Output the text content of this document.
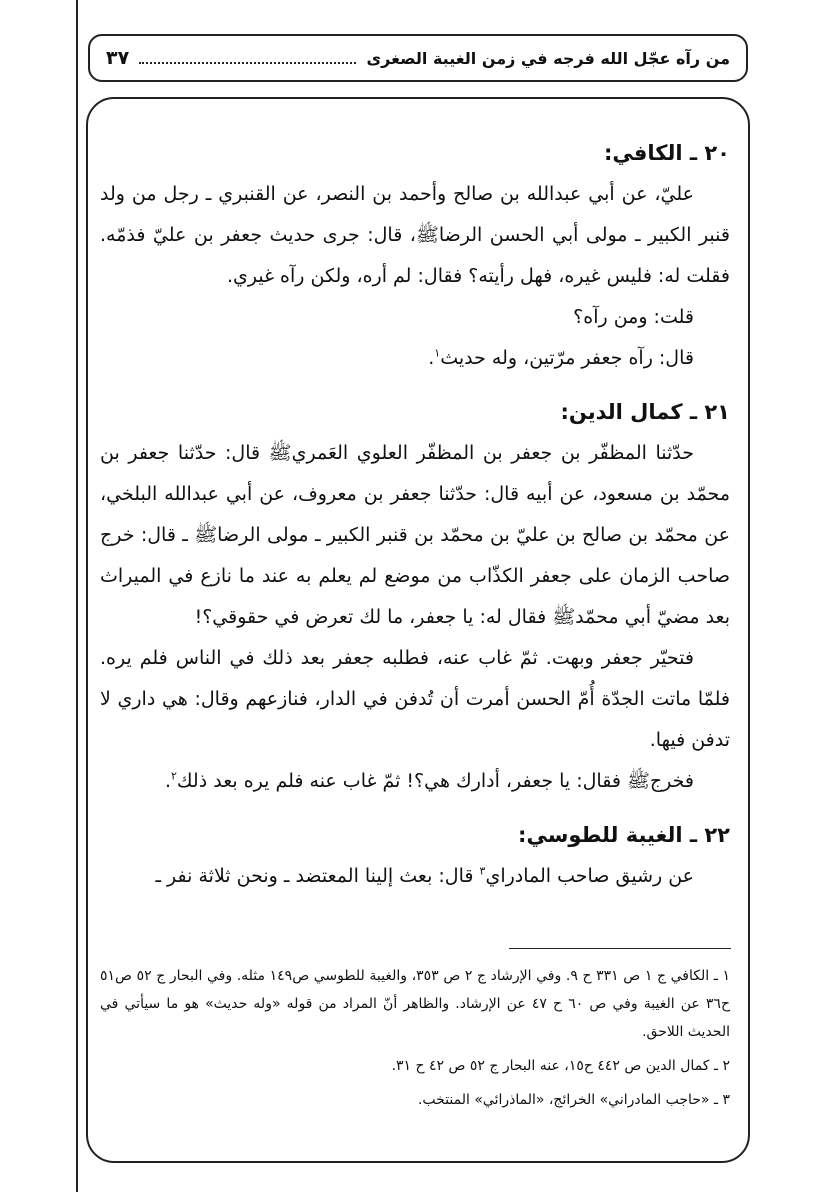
من رآه عجّل الله فرجه في زمن الغيبة الصغرى
٣٧

٢٠ ـ الكافي:

عليّ، عن أبي عبدالله بن صالح وأحمد بن النصر، عن القنبري ـ رجل من ولد قنبر الكبير ـ مولى أبي الحسن الرضاﷺ، قال: جرى حديث جعفر بن عليّ فذمّه. فقلت له: فليس غيره، فهل رأيته؟ فقال: لم أره، ولكن رآه غيري.

قلت: ومن رآه؟

قال: رآه جعفر مرّتين، وله حديث$^١$.

٢١ ـ كمال الدين:

حدّثنا المظفّر بن جعفر بن المظفّر العلوي العَمريﷺ قال: حدّثنا جعفر بن محمّد بن مسعود، عن أبيه قال: حدّثنا جعفر بن معروف، عن أبي عبدالله البلخي، عن محمّد بن صالح بن عليّ بن محمّد بن قنبر الكبير ـ مولى الرضاﷺ ـ قال: خرج صاحب الزمان على جعفر الكذّاب من موضع لم يعلم به عند ما نازع في الميراث بعد مضيّ أبي محمّدﷺ فقال له: يا جعفر، ما لك تعرض في حقوقي؟!

فتحيّر جعفر وبهت. ثمّ غاب عنه، فطلبه جعفر بعد ذلك في الناس فلم يره. فلمّا ماتت الجدّة أُمّ الحسن أمرت أن تُدفن في الدار، فنازعهم وقال: هي داري لا تدفن فيها.

فخرجﷺ فقال: يا جعفر، أدارك هي؟! ثمّ غاب عنه فلم يره بعد ذلك$^٢$.

٢٢ ـ الغيبة للطوسي:

عن رشيق صاحب المادراي$^٣$ قال: بعث إلينا المعتضد ـ ونحن ثلاثة نفر ـ

١ ـ الكافي ج ١ ص ٣٣١ ح ٩. وفي الإرشاد ج ٢ ص ٣٥٣، والغيبة للطوسي ص١٤٩ مثله. وفي البحار ج ٥٢ ص٥١ ح٣٦ عن الغيبة وفي ص ٦٠ ح ٤٧ عن الإرشاد. والظاهر أنّ المراد من قوله «وله حديث» هو ما سيأتي في الحديث اللاحق.

٢ ـ كمال الدين ص ٤٤٢ ح١٥، عنه البحار ج ٥٢ ص ٤٢ ح ٣١.

٣ ـ «حاجب المادراني» الخرائج، «الماذرائي» المنتخب.
